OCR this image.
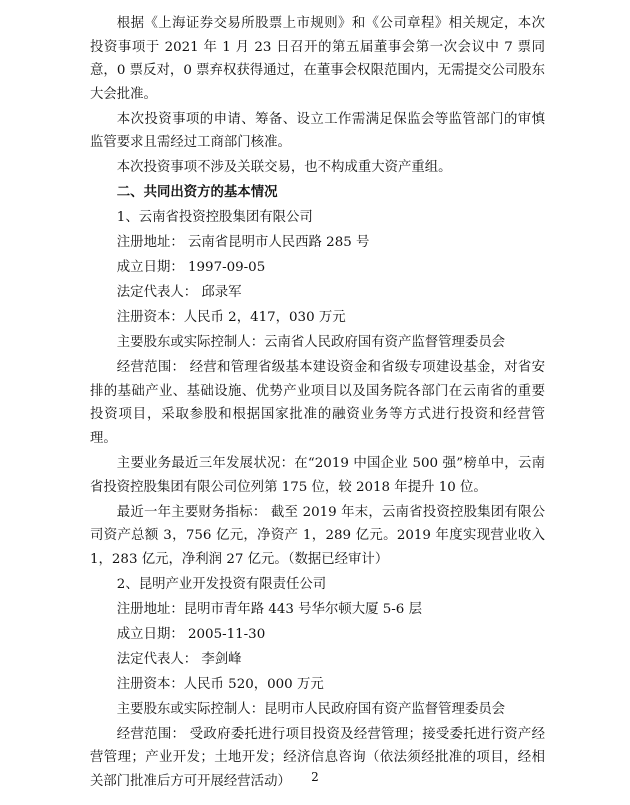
根据《上海证券交易所股票上市规则》和《公司章程》相关规定，本次投资事项于 2021 年 1 月 23 日召开的第五届董事会第一次会议中 7 票同意，0 票反对，0 票弃权获得通过，在董事会权限范围内，无需提交公司股东大会批准。

本次投资事项的申请、筹备、设立工作需满足保监会等监管部门的审慎监管要求且需经过工商部门核准。

本次投资事项不涉及关联交易，也不构成重大资产重组。

二、共同出资方的基本情况

1、云南省投资控股集团有限公司

注册地址： 云南省昆明市人民西路 285 号

成立日期： 1997-09-05

法定代表人： 邱录军

注册资本：人民币 2，417，030 万元

主要股东或实际控制人：云南省人民政府国有资产监督管理委员会

经营范围： 经营和管理省级基本建设资金和省级专项建设基金，对省安排的基础产业、基础设施、优势产业项目以及国务院各部门在云南省的重要投资项目，采取参股和根据国家批准的融资业务等方式进行投资和经营管理。

主要业务最近三年发展状况：在“2019 中国企业 500 强”榜单中，云南省投资控股集团有限公司位列第 175 位，较 2018 年提升 10 位。

最近一年主要财务指标： 截至 2019 年末，云南省投资控股集团有限公司资产总额 3，756 亿元，净资产 1，289 亿元。2019 年度实现营业收入 1，283 亿元，净利润 27 亿元。（数据已经审计）

2、昆明产业开发投资有限责任公司

注册地址：昆明市青年路 443 号华尔顿大厦 5-6 层

成立日期： 2005-11-30

法定代表人： 李剑峰

注册资本：人民币 520，000 万元

主要股东或实际控制人：昆明市人民政府国有资产监督管理委员会

经营范围： 受政府委托进行项目投资及经营管理；接受委托进行资产经营管理；产业开发；土地开发；经济信息咨询（依法须经批准的项目，经相关部门批准后方可开展经营活动）	2
